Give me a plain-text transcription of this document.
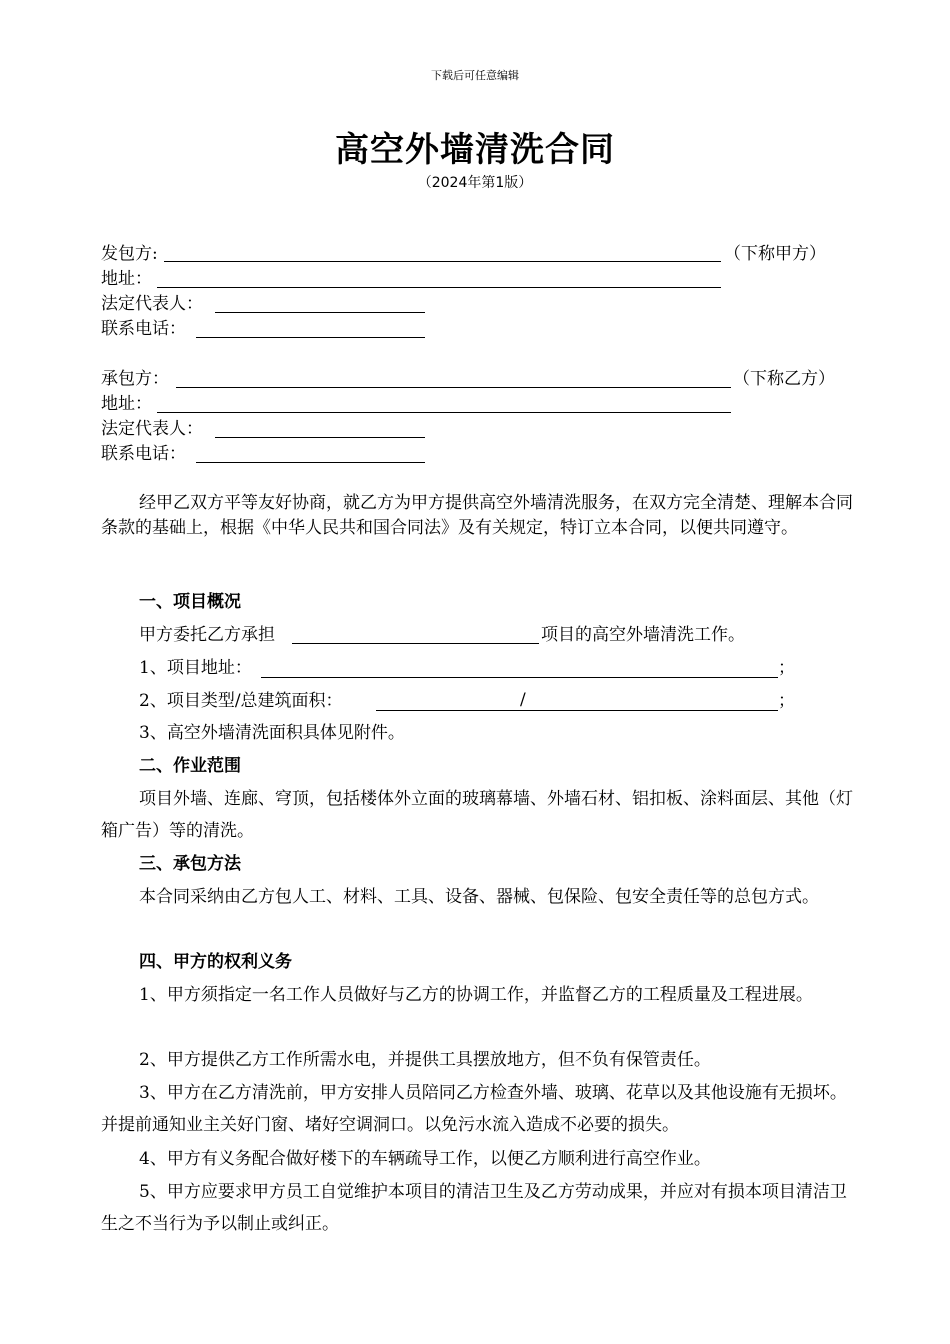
下载后可任意编辑
高空外墙清洗合同
（2024年第1版）
发包方:	（下称甲方）
地址：
法定代表人：
联系电话：
承包方：	（下称乙方）
地址：
法定代表人：
联系电话：
经甲乙双方平等友好协商，就乙方为甲方提供高空外墙清洗服务，在双方完全清楚、理解本合同条款的基础上，根据《中华人民共和国合同法》及有关规定，特订立本合同，以便共同遵守。
一、项目概况
甲方委托乙方承担	项目的高空外墙清洗工作。
1、项目地址：	；
2、项目类型/总建筑面积：	/	；
3、高空外墙清洗面积具体见附件。
二、作业范围
项目外墙、连廊、穹顶，包括楼体外立面的玻璃幕墙、外墙石材、铝扣板、涂料面层、其他（灯箱广告）等的清洗。
三、承包方法
本合同采纳由乙方包人工、材料、工具、设备、器械、包保险、包安全责任等的总包方式。
四、甲方的权利义务
1、甲方须指定一名工作人员做好与乙方的协调工作，并监督乙方的工程质量及工程进展。
2、甲方提供乙方工作所需水电，并提供工具摆放地方，但不负有保管责任。
3、甲方在乙方清洗前，甲方安排人员陪同乙方检查外墙、玻璃、花草以及其他设施有无损坏。并提前通知业主关好门窗、堵好空调洞口。以免污水流入造成不必要的损失。
4、甲方有义务配合做好楼下的车辆疏导工作，以便乙方顺利进行高空作业。
5、甲方应要求甲方员工自觉维护本项目的清洁卫生及乙方劳动成果，并应对有损本项目清洁卫生之不当行为予以制止或纠正。
